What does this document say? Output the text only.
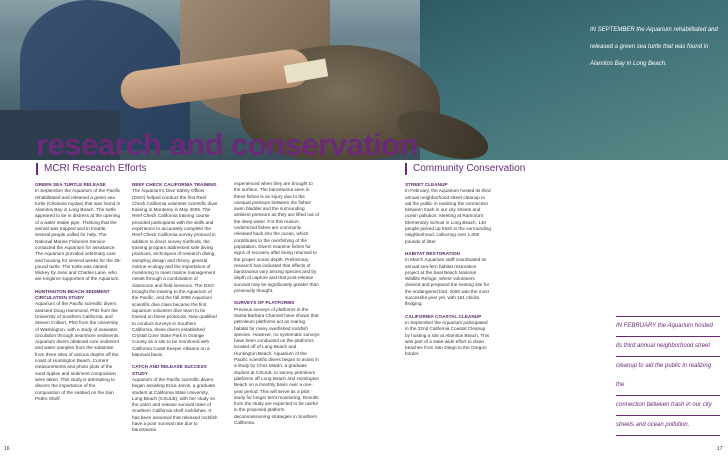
IN SEPTEMBER the Aquarium rehabilitated and
released a green sea turtle that was found in
Alamitos Bay in Long Beach.
research and conservation
MCRI Research Efforts	Community Conservation

GREEN SEA TURTLE RELEASE
In September the Aquarium of the Pacific rehabilitated and released a green sea turtle (Chelonia mydas) that was found in Alamitos Bay in Long Beach. The turtle appeared to be in distress at the opening of a water intake pipe. Thinking that the animal was trapped and in trouble, several people called for help. The National Marine Fisheries Service contacted the Aquarium for assistance. The Aquarium provided veterinary care and housing for several weeks for the 28-pound turtle. The turtle was named Mickey by Jean and Charles Lane, who are longtime supporters of the Aquarium.

HUNTINGTON BEACH SEDIMENT CIRCULATION STUDY
Aquarium of the Pacific scientific divers assisted Doug Hammond, PhD from the University of Southern California, and Steven Colbert, PhD from the University of Washington, with a study of seawater circulation through nearshore sediments. Aquarium divers obtained core sediment and water samples from the substrate from three sites of various depths off the coast of Huntington Beach. Current measurements and photo plots of the sand ripples and sediment composition were taken. This study is attempting to discern the importance of the composition of the seabed on the San Pedro Shelf.

REEF CHECK CALIFORNIA TRAINING
The Aquarium's Dive Safety Officer (DSO) helped conduct the first Reef Check California volunteer scientific diver training in Monterey in May 2006. The Reef Check California training course provided participants with the skills and experience to accurately complete the Reef Check California survey protocol in addition to direct survey methods, the training program addressed safe diving practices, techniques of research diving, sampling design and theory, general marine ecology and the importance of monitoring to meet marine management needs through a combination of classroom and field sessions. The DSO brought the training to the Aquarium of the Pacific, and the fall 2006 Aquarium scientific dive class became the first aquarium volunteer dive team to be trained on these protocols. Now qualified to conduct surveys in Southern California, these divers established Crystal Cove State Park in Orange County as a site to be monitored with California Coast Keeper Alliance on a biannual basis.

CATCH AND RELEASE SUCCESS STUDY
Aquarium of the Pacific scientific divers began assisting Erica Jarvis, a graduate student at California State University, Long Beach (CSULB), with her study on the catch and release survival rates of Southern California shelf rockfishes. It has been assumed that released rockfish have a poor survival rate due to barotrauma

experienced when they are brought to the surface. The barotrauma seen in these fishes is an injury due to the unequal pressure between the fishes' swim bladder and the surrounding ambient pressure as they are lifted out of the deep water. For this reason, undersized fishes are commonly released back into the ocean, which contributes to the overfishing of the population. Divers examine fishes for signs of recovery after being returned to the proper ocean depth. Preliminary research has indicated that effects of barotrauma vary among species and by depth of capture and that post-release survival may be significantly greater than previously thought.

SURVEYS OF PLATFORMS
Previous surveys of platforms in the Santa Barbara Channel have shown that petroleum platforms act as rearing habitat for many overfished rockfish species. However, no systematic surveys have been conducted on the platforms located off of Long Beach and Huntington Beach. Aquarium of the Pacific scientific divers began to assist in a study by Chris Martin, a graduate student at CSULB, to survey petroleum platforms off Long Beach and Huntington Beach on a monthly basis over a one-year period. This will serve as a pilot study for longer term monitoring. Results from the study are expected to be useful in the proposed platform decommissioning strategies in Southern California.

STREET CLEANUP
In February, the Aquarium hosted its third annual neighborhood street cleanup to aid the public in realizing the connection between trash in our city streets and ocean pollution. Meeting at Ramona's Elementary School in Long Beach, 140 people picked up trash in the surrounding neighborhood, collecting over 1,000 pounds of litter.

HABITAT RESTORATION
In March Aquarium staff coordinated its annual sea-fern habitat restoration project at the Seal Beach National Wildlife Refuge, where volunteers cleared and prepared the nesting site for the endangered bird. 2006 was the most successful year yet, with 161 chicks fledging.

CALIFORNIA COASTAL CLEANUP
In September the Aquarium participated in the 22nd California Coastal Cleanup by hosting a site at Alamitos Beach. This was part of a state-wide effort to clean beaches from San Diego to the Oregon border.

IN FEBRUARY the Aquarium hosted
its third annual neighborhood street
cleanup to aid the public in realizing the
connection between trash in our city
streets and ocean pollution.
16	17
